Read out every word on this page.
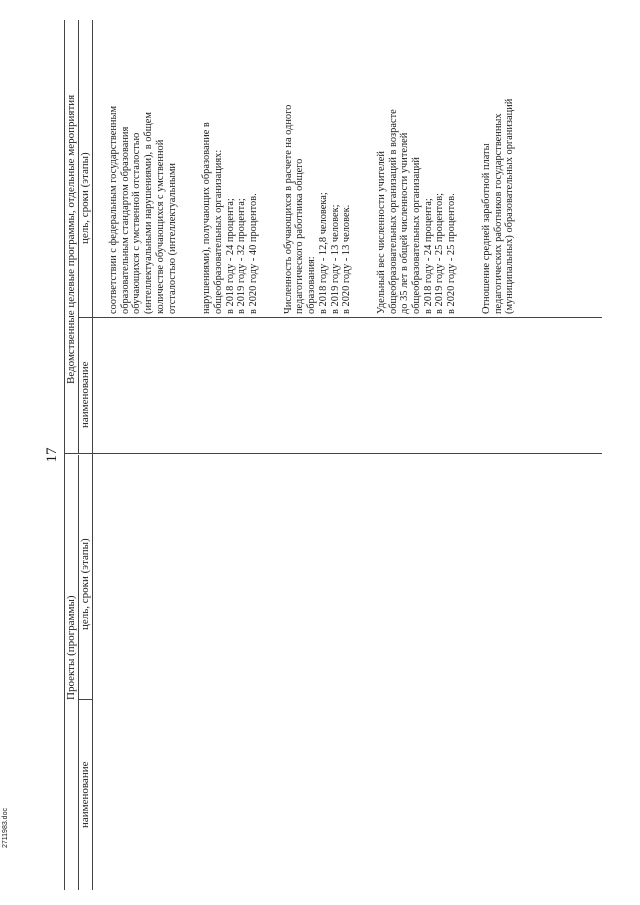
17
Проекты (программы)
Ведомственные целевые программы, отдельные мероприятия
наименование
цель, сроки (этапы)
наименование
цель, сроки (этапы) соответствии с федеральным государственным образовательным стандартом образования обучающихся с умственной отсталостью (интеллектуальными нарушениями), в общем количестве обучающихся с умственной отсталостью (интеллектуальными нарушениями), получающих образование в общеобразовательных организациях: в 2018 году - 24 процента; в 2019 году - 32 процента; в 2020 году - 40 процентов. Численность обучающихся в расчете на одного педагогического работника общего образования: в 2018 году - 12,8 человека; в 2019 году - 13 человек; в 2020 году - 13 человек. Удельный вес численности учителей общеобразовательных организаций в возрасте до 35 лет в общей численности учителей общеобразовательных организаций в 2018 году - 24 процента; в 2019 году - 25 процентов; в 2020 году - 25 процентов. Отношение средней заработной платы педагогических работников государственных (муниципальных) образовательных организаций

2711983.doc
